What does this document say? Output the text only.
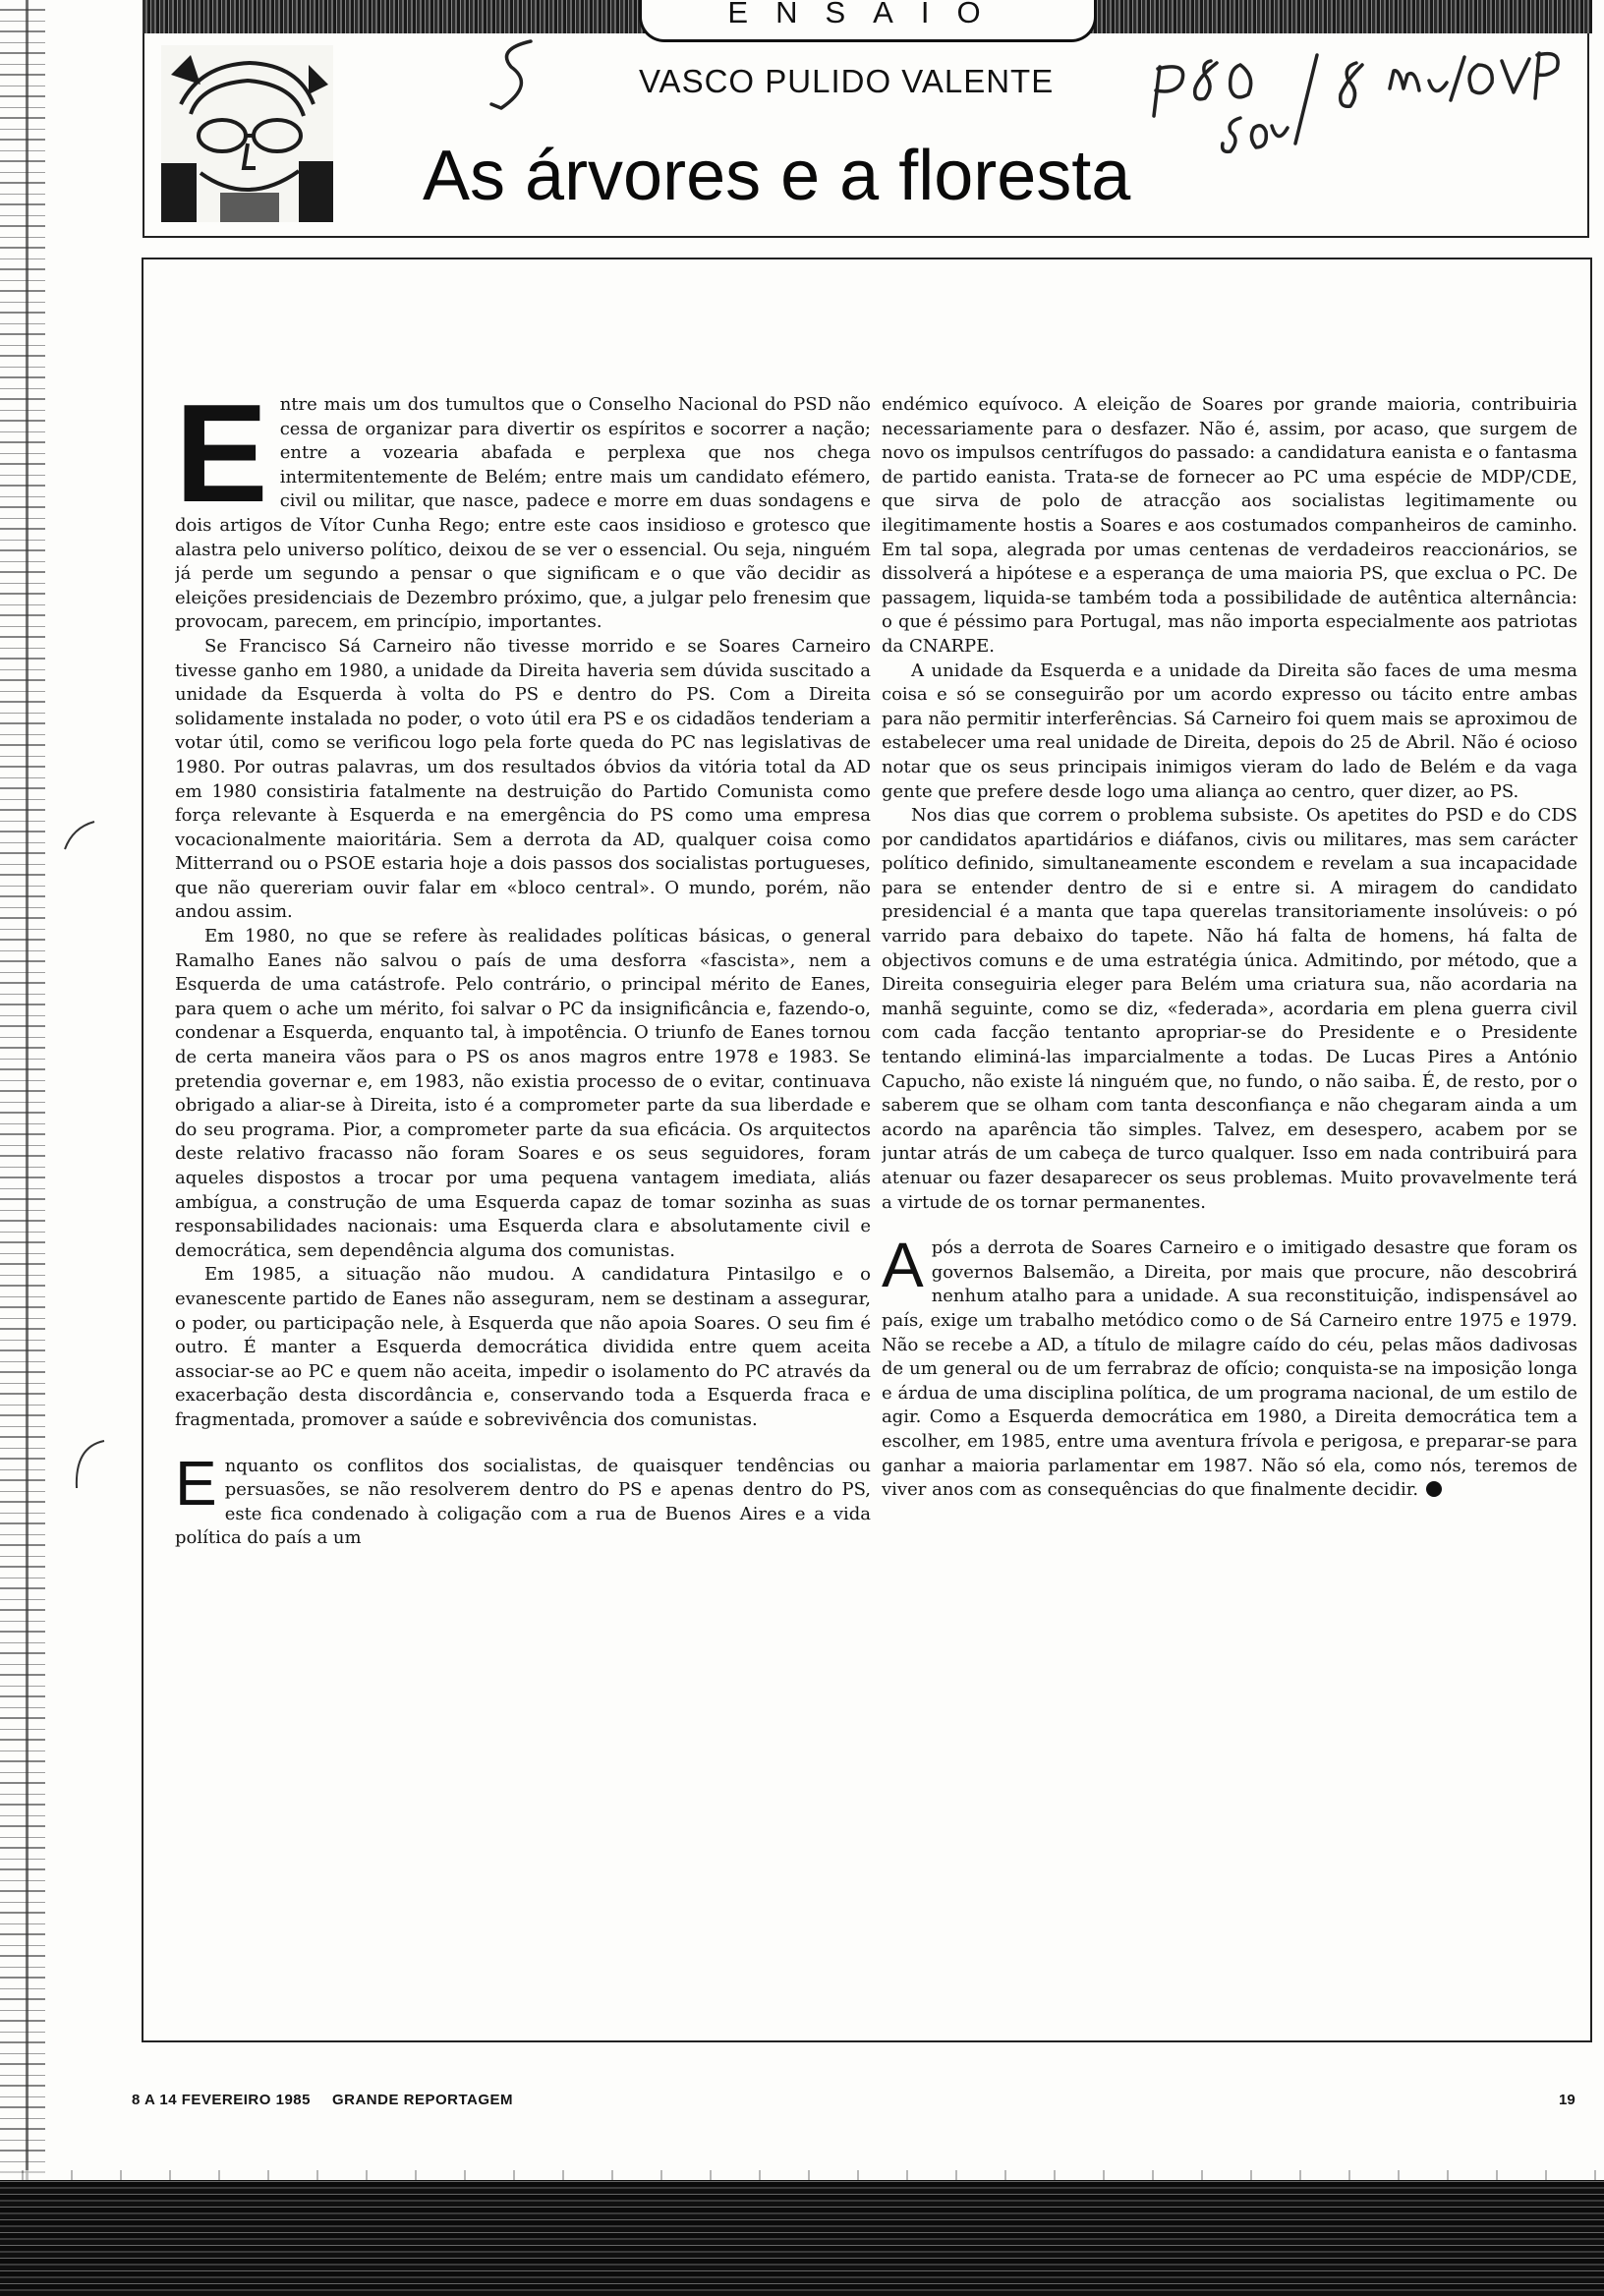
ENSAIO
VASCO PULIDO VALENTE
As árvores e a floresta

Entre mais um dos tumultos que o Conselho Nacional do PSD não cessa de organizar para divertir os espíritos e socorrer a nação; entre a vozearia abafada e perplexa que nos chega intermitentemente de Belém; entre mais um candidato efémero, civil ou militar, que nasce, padece e morre em duas sondagens e dois artigos de Vítor Cunha Rego; entre este caos insidioso e grotesco que alastra pelo universo político, deixou de se ver o essencial. Ou seja, ninguém já perde um segundo a pensar o que significam e o que vão decidir as eleições presidenciais de Dezembro próximo, que, a julgar pelo frenesim que provocam, parecem, em princípio, importantes.

Se Francisco Sá Carneiro não tivesse morrido e se Soares Carneiro tivesse ganho em 1980, a unidade da Direita haveria sem dúvida suscitado a unidade da Esquerda à volta do PS e dentro do PS. Com a Direita solidamente instalada no poder, o voto útil era PS e os cidadãos tenderiam a votar útil, como se verificou logo pela forte queda do PC nas legislativas de 1980. Por outras palavras, um dos resultados óbvios da vitória total da AD em 1980 consistiria fatalmente na destruição do Partido Comunista como força relevante à Esquerda e na emergência do PS como uma empresa vocacionalmente maioritária. Sem a derrota da AD, qualquer coisa como Mitterrand ou o PSOE estaria hoje a dois passos dos socialistas portugueses, que não quereriam ouvir falar em «bloco central». O mundo, porém, não andou assim.

Em 1980, no que se refere às realidades políticas básicas, o general Ramalho Eanes não salvou o país de uma desforra «fascista», nem a Esquerda de uma catástrofe. Pelo contrário, o principal mérito de Eanes, para quem o ache um mérito, foi salvar o PC da insignificância e, fazendo-o, condenar a Esquerda, enquanto tal, à impotência. O triunfo de Eanes tornou de certa maneira vãos para o PS os anos magros entre 1978 e 1983. Se pretendia governar e, em 1983, não existia processo de o evitar, continuava obrigado a aliar-se à Direita, isto é a comprometer parte da sua liberdade e do seu programa. Pior, a comprometer parte da sua eficácia. Os arquitectos deste relativo fracasso não foram Soares e os seus seguidores, foram aqueles dispostos a trocar por uma pequena vantagem imediata, aliás ambígua, a construção de uma Esquerda capaz de tomar sozinha as suas responsabilidades nacionais: uma Esquerda clara e absolutamente civil e democrática, sem dependência alguma dos comunistas.

Em 1985, a situação não mudou. A candidatura Pintasilgo e o evanescente partido de Eanes não asseguram, nem se destinam a assegurar, o poder, ou participação nele, à Esquerda que não apoia Soares. O seu fim é outro. É manter a Esquerda democrática dividida entre quem aceita associar-se ao PC e quem não aceita, impedir o isolamento do PC através da exacerbação desta discordância e, conservando toda a Esquerda fraca e fragmentada, promover a saúde e sobrevivência dos comunistas.

Enquanto os conflitos dos socialistas, de quaisquer tendências ou persuasões, se não resolverem dentro do PS e apenas dentro do PS, este fica condenado à coligação com a rua de Buenos Aires e a vida política do país a um

endémico equívoco. A eleição de Soares por grande maioria, contribuiria necessariamente para o desfazer. Não é, assim, por acaso, que surgem de novo os impulsos centrífugos do passado: a candidatura eanista e o fantasma de partido eanista. Trata-se de fornecer ao PC uma espécie de MDP/CDE, que sirva de polo de atracção aos socialistas legitimamente ou ilegitimamente hostis a Soares e aos costumados companheiros de caminho. Em tal sopa, alegrada por umas centenas de verdadeiros reaccionários, se dissolverá a hipótese e a esperança de uma maioria PS, que exclua o PC. De passagem, liquida-se também toda a possibilidade de autêntica alternância: o que é péssimo para Portugal, mas não importa especialmente aos patriotas da CNARPE.

A unidade da Esquerda e a unidade da Direita são faces de uma mesma coisa e só se conseguirão por um acordo expresso ou tácito entre ambas para não permitir interferências. Sá Carneiro foi quem mais se aproximou de estabelecer uma real unidade de Direita, depois do 25 de Abril. Não é ocioso notar que os seus principais inimigos vieram do lado de Belém e da vaga gente que prefere desde logo uma aliança ao centro, quer dizer, ao PS.

Nos dias que correm o problema subsiste. Os apetites do PSD e do CDS por candidatos apartidários e diáfanos, civis ou militares, mas sem carácter político definido, simultaneamente escondem e revelam a sua incapacidade para se entender dentro de si e entre si. A miragem do candidato presidencial é a manta que tapa querelas transitoriamente insolúveis: o pó varrido para debaixo do tapete. Não há falta de homens, há falta de objectivos comuns e de uma estratégia única. Admitindo, por método, que a Direita conseguiria eleger para Belém uma criatura sua, não acordaria na manhã seguinte, como se diz, «federada», acordaria em plena guerra civil com cada facção tentanto apropriar-se do Presidente e o Presidente tentando eliminá-las imparcialmente a todas. De Lucas Pires a António Capucho, não existe lá ninguém que, no fundo, o não saiba. É, de resto, por o saberem que se olham com tanta desconfiança e não chegaram ainda a um acordo na aparência tão simples. Talvez, em desespero, acabem por se juntar atrás de um cabeça de turco qualquer. Isso em nada contribuirá para atenuar ou fazer desaparecer os seus problemas. Muito provavelmente terá a virtude de os tornar permanentes.

Após a derrota de Soares Carneiro e o imitigado desastre que foram os governos Balsemão, a Direita, por mais que procure, não descobrirá nenhum atalho para a unidade. A sua reconstituição, indispensável ao país, exige um trabalho metódico como o de Sá Carneiro entre 1975 e 1979. Não se recebe a AD, a título de milagre caído do céu, pelas mãos dadivosas de um general ou de um ferrabraz de ofício; conquista-se na imposição longa e árdua de uma disciplina política, de um programa nacional, de um estilo de agir. Como a Esquerda democrática em 1980, a Direita democrática tem a escolher, em 1985, entre uma aventura frívola e perigosa, e preparar-se para ganhar a maioria parlamentar em 1987. Não só ela, como nós, teremos de viver anos com as consequências do que finalmente decidir.

8 A 14 FEVEREIRO 1985 GRANDE REPORTAGEM	19
